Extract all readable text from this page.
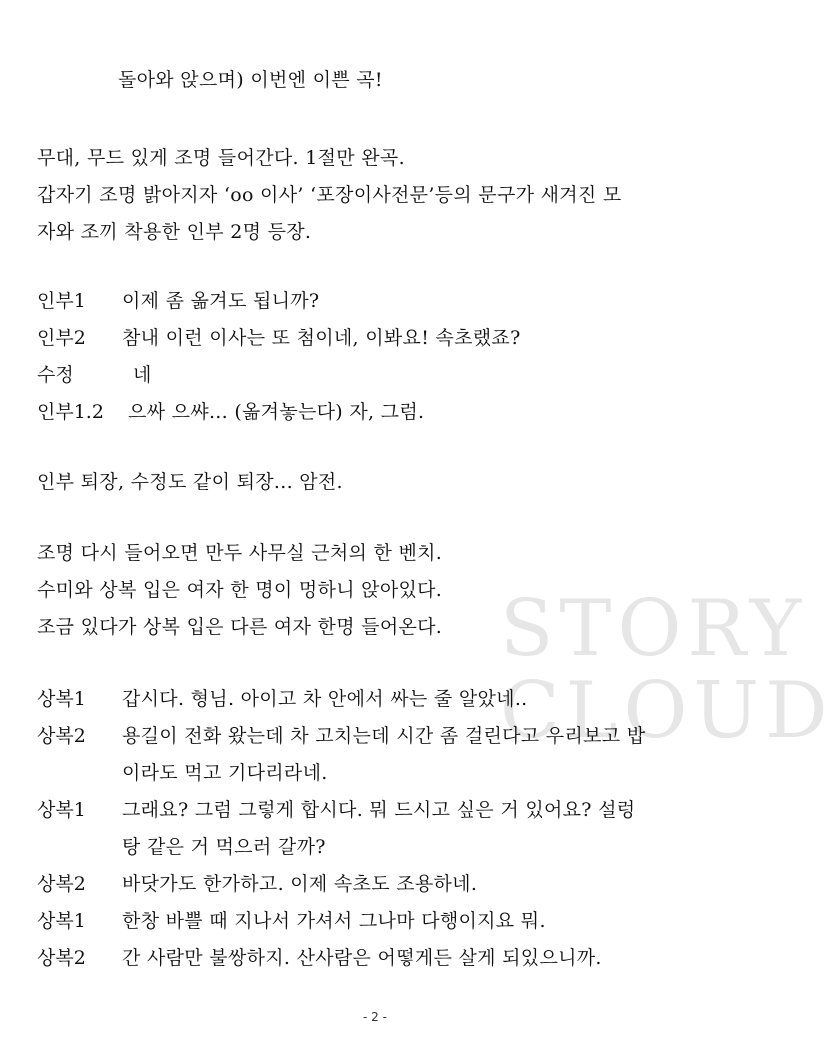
STORY
CLOUD
돌아와 앉으며) 이번엔 이쁜 곡!
무대, 무드 있게 조명 들어간다. 1절만 완곡.
갑자기 조명 밝아지자 ‘oo 이사’ ‘포장이사전문’등의 문구가 새겨진 모
자와 조끼 착용한 인부 2명 등장.
인부1 이제 좀 옮겨도 됩니까?
인부2 참내 이런 이사는 또 첨이네, 이봐요! 속초랬죠?
수정	네
인부1.2 으싸 으쌰... (옮겨놓는다) 자, 그럼.
인부 퇴장, 수정도 같이 퇴장... 암전.
조명 다시 들어오면 만두 사무실 근처의 한 벤치.
수미와 상복 입은 여자 한 명이 멍하니 앉아있다.
조금 있다가 상복 입은 다른 여자 한명 들어온다.
상복1 갑시다. 형님. 아이고 차 안에서 싸는 줄 알았네..
상복2 용길이 전화 왔는데 차 고치는데 시간 좀 걸린다고 우리보고 밥
이라도 먹고 기다리라네.
상복1 그래요? 그럼 그렇게 합시다. 뭐 드시고 싶은 거 있어요? 설렁
탕 같은 거 먹으러 갈까?
상복2 바닷가도 한가하고. 이제 속초도 조용하네.
상복1 한창 바쁠 때 지나서 가셔서 그나마 다행이지요 뭐.
상복2 간 사람만 불쌍하지. 산사람은 어떻게든 살게 되있으니까.
- 2 -
